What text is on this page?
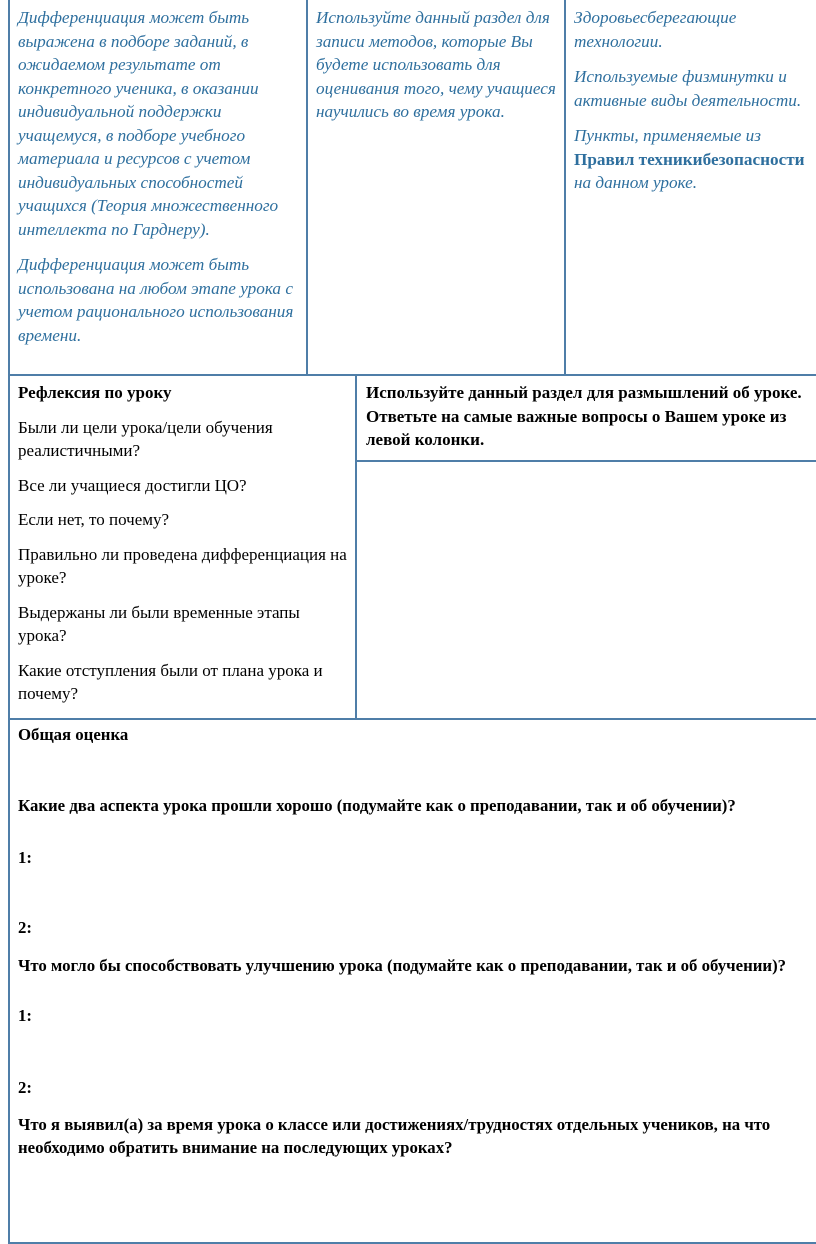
Дифференциация может быть выражена в подборе заданий, в ожидаемом результате от конкретного ученика, в оказании индивидуальной поддержки учащемуся, в подборе учебного материала и ресурсов с учетом индивидуальных способностей учащихся (Теория множественного интеллекта по Гарднеру).

Дифференциация может быть использована на любом этапе урока с учетом рационального использования времени.

Используйте данный раздел для записи методов, которые Вы будете использовать для оценивания того, чему учащиеся научились во время урока.

Здоровьесберегающие технологии.

Используемые физминутки и активные виды деятельности.

Пункты, применяемые из Правил техникибезопасности на данном уроке.

Рефлексия по уроку

Были ли цели урока/цели обучения реалистичными?

Все ли учащиеся достигли ЦО?

Если нет, то почему?

Правильно ли проведена дифференциация на уроке?

Выдержаны ли были временные этапы урока?

Какие отступления были от плана урока и почему?

Используйте данный раздел для размышлений об уроке. Ответьте на самые важные вопросы о Вашем уроке из левой колонки.
Общая оценка
Какие два аспекта урока прошли хорошо (подумайте как о преподавании, так и об обучении)?
1:
2:
Что могло бы способствовать улучшению урока (подумайте как о преподавании, так и об обучении)?
1:
2:
Что я выявил(а) за время урока о классе или достижениях/трудностях отдельных учеников, на что необходимо обратить внимание на последующих уроках?
